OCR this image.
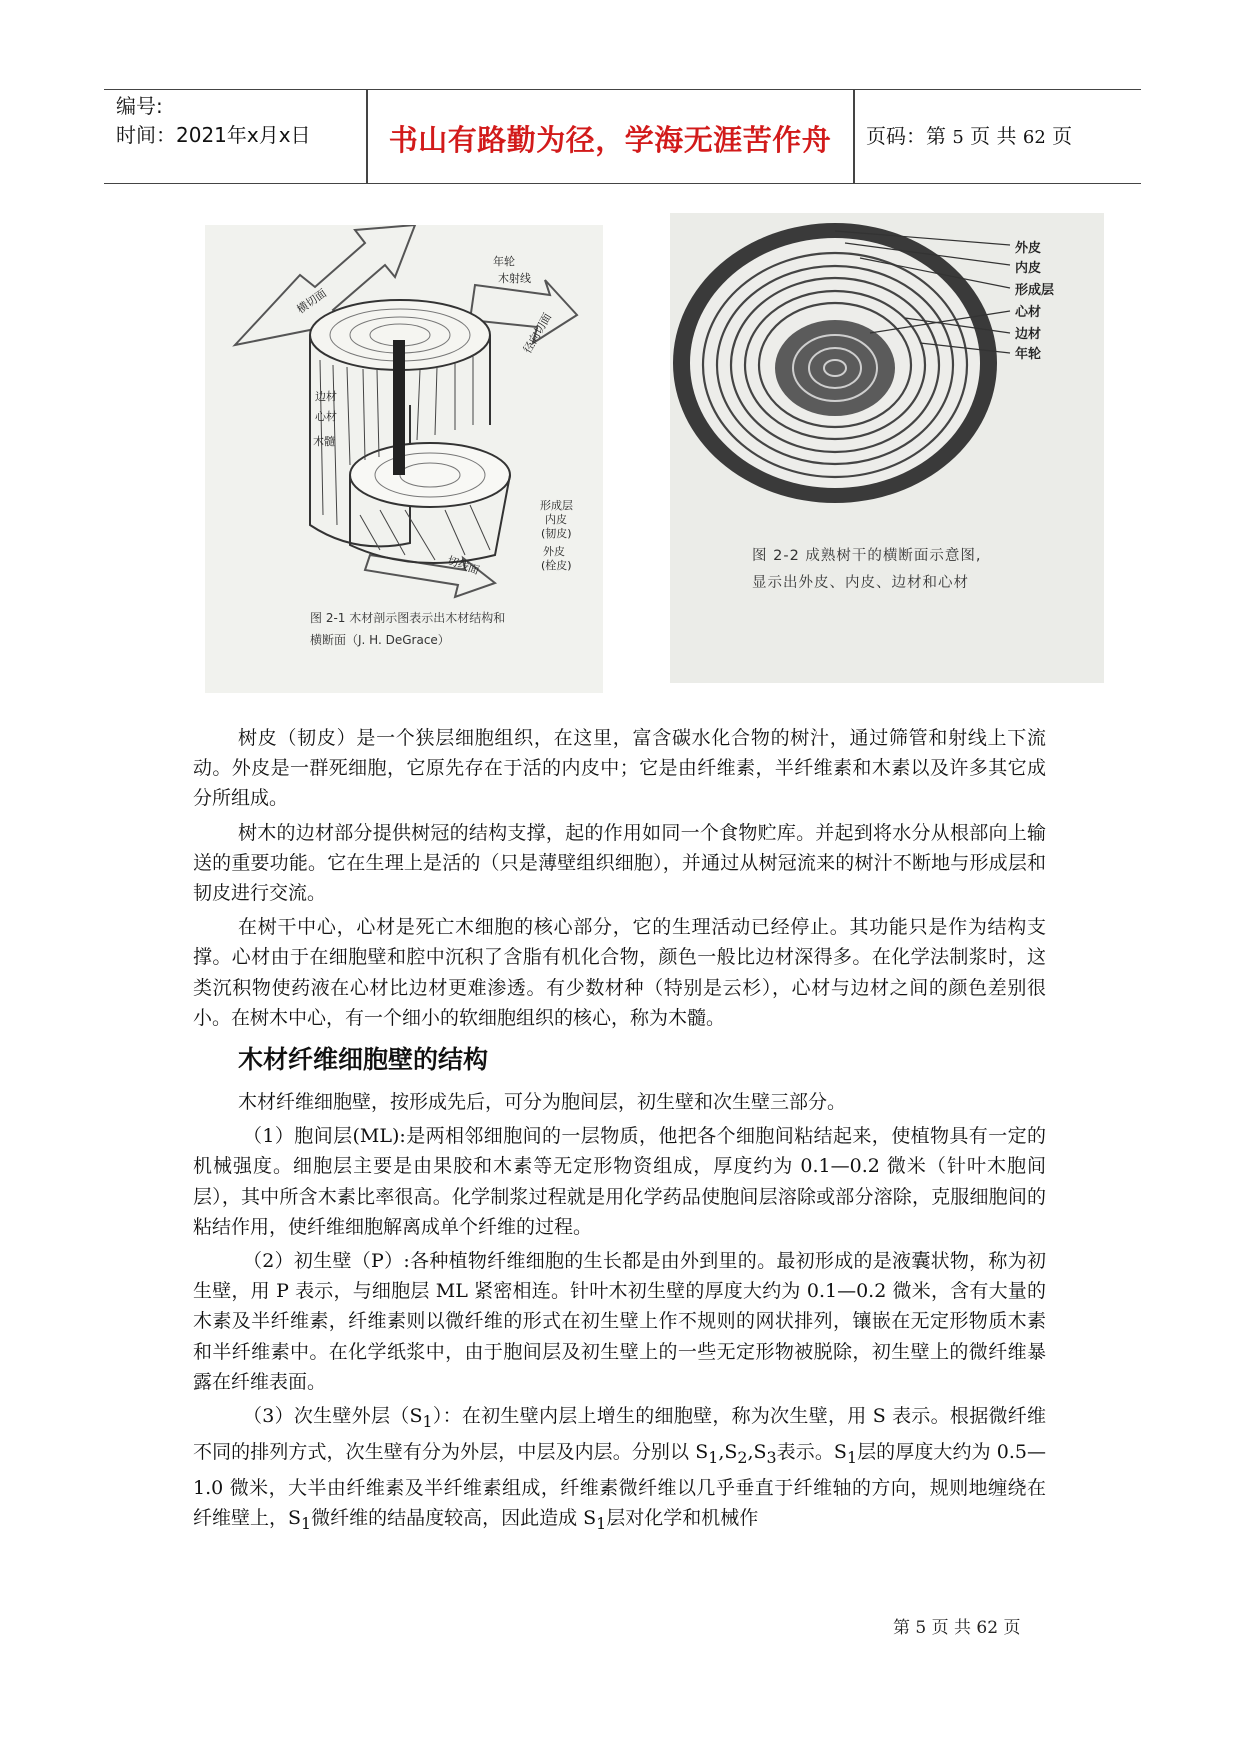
编号:
时间：2021年x月x日	书山有路勤为径，学海无涯苦作舟	页码：第 5 页 共 62 页
年轮
木射线
横切面
径向切面
边材
心材
木髓
形成层
内皮
(韧皮)
外皮
(栓皮)
切线面
图 2-1 木材剖示图表示出木材结构和
横断面（J. H. DeGrace）
外皮
内皮
形成层
心材
边材
年轮
图 2-2 成熟树干的横断面示意图,
显示出外皮、内皮、边材和心材

树皮（韧皮）是一个狭层细胞组织，在这里，富含碳水化合物的树汁，通过筛管和射线上下流动。外皮是一群死细胞，它原先存在于活的内皮中；它是由纤维素，半纤维素和木素以及许多其它成分所组成。

树木的边材部分提供树冠的结构支撑，起的作用如同一个食物贮库。并起到将水分从根部向上输送的重要功能。它在生理上是活的（只是薄壁组织细胞），并通过从树冠流来的树汁不断地与形成层和韧皮进行交流。

在树干中心，心材是死亡木细胞的核心部分，它的生理活动已经停止。其功能只是作为结构支撑。心材由于在细胞壁和腔中沉积了含脂有机化合物，颜色一般比边材深得多。在化学法制浆时，这类沉积物使药液在心材比边材更难渗透。有少数材种（特别是云杉），心材与边材之间的颜色差别很小。在树木中心，有一个细小的软细胞组织的核心，称为木髓。

木材纤维细胞壁的结构

木材纤维细胞壁，按形成先后，可分为胞间层，初生壁和次生壁三部分。

（1）胞间层(ML):是两相邻细胞间的一层物质，他把各个细胞间粘结起来，使植物具有一定的机械强度。细胞层主要是由果胶和木素等无定形物资组成，厚度约为 0.1—0.2 微米（针叶木胞间层），其中所含木素比率很高。化学制浆过程就是用化学药品使胞间层溶除或部分溶除，克服细胞间的粘结作用，使纤维细胞解离成单个纤维的过程。

（2）初生壁（P）:各种植物纤维细胞的生长都是由外到里的。最初形成的是液囊状物，称为初生壁，用 P 表示，与细胞层 ML 紧密相连。针叶木初生壁的厚度大约为 0.1—0.2 微米，含有大量的木素及半纤维素，纤维素则以微纤维的形式在初生壁上作不规则的网状排列，镶嵌在无定形物质木素和半纤维素中。在化学纸浆中，由于胞间层及初生壁上的一些无定形物被脱除，初生壁上的微纤维暴露在纤维表面。

（3）次生壁外层$(S_1)$：在初生壁内层上增生的细胞壁，称为次生壁，用 S 表示。根据微纤维不同的排列方式，次生壁有分为外层，中层及内层。分别以 $S_1,S_2,S_3$表示。$S_1$层的厚度大约为 0.5—1.0 微米，大半由纤维素及半纤维素组成，纤维素微纤维以几乎垂直于纤维轴的方向，规则地缠绕在纤维壁上，$S_1$微纤维的结晶度较高，因此造成 $S_1$层对化学和机械作

第 5 页 共 62 页
